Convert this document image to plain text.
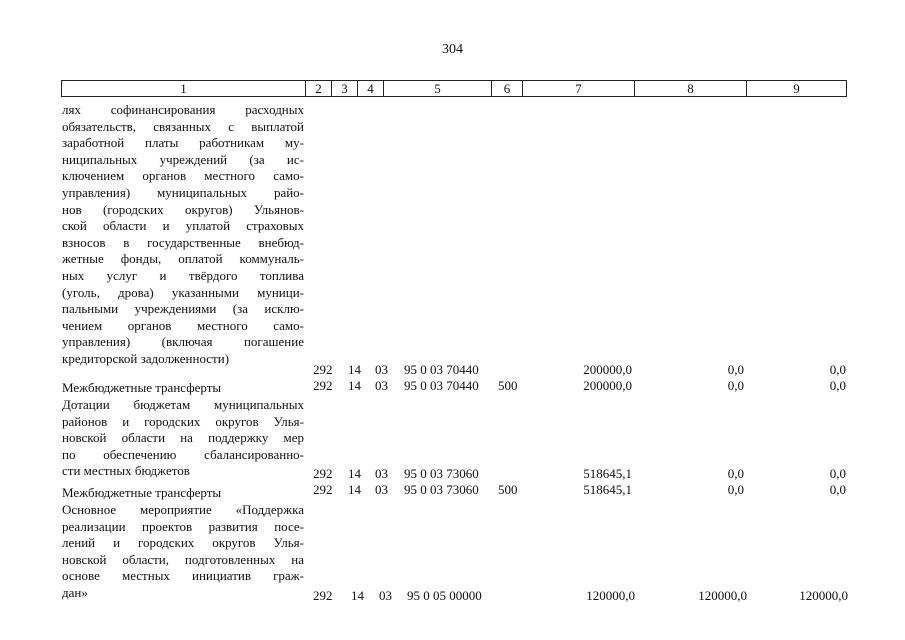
304
1	2	3	4	5	6	7	8	9
лях софинансирования расходных
обязательств, связанных с выплатой
заработной платы работникам му-
ниципальных учреждений (за ис-
ключением органов местного само-
управления) муниципальных райо-
нов (городских округов) Ульянов-
ской области и уплатой страховых
взносов в государственные внебюд-
жетные фонды, оплатой коммуналь-
ных услуг и твёрдого топлива
(уголь, дрова) указанными муници-
пальными учреждениями (за исклю-
чением органов местного само-
управления) (включая погашение
кредиторской задолженности)
292 14 03 95 0 03 70440	200000,0	0,0	0,0
Межбюджетные трансферты	292 14 03 95 0 03 70440 500	200000,0	0,0	0,0
Дотации бюджетам муниципальных
районов и городских округов Улья-
новской области на поддержку мер
по обеспечению сбалансированно-
сти местных бюджетов	292 14 03 95 0 03 73060	518645,1	0,0	0,0
Межбюджетные трансферты	292 14 03 95 0 03 73060 500	518645,1	0,0	0,0
Основное мероприятие «Поддержка
реализации проектов развития посе-
лений и городских округов Улья-
новской области, подготовленных на
основе местных инициатив граж-
дан»	292 14 03 95 0 05 00000	120000,0	120000,0	120000,0
